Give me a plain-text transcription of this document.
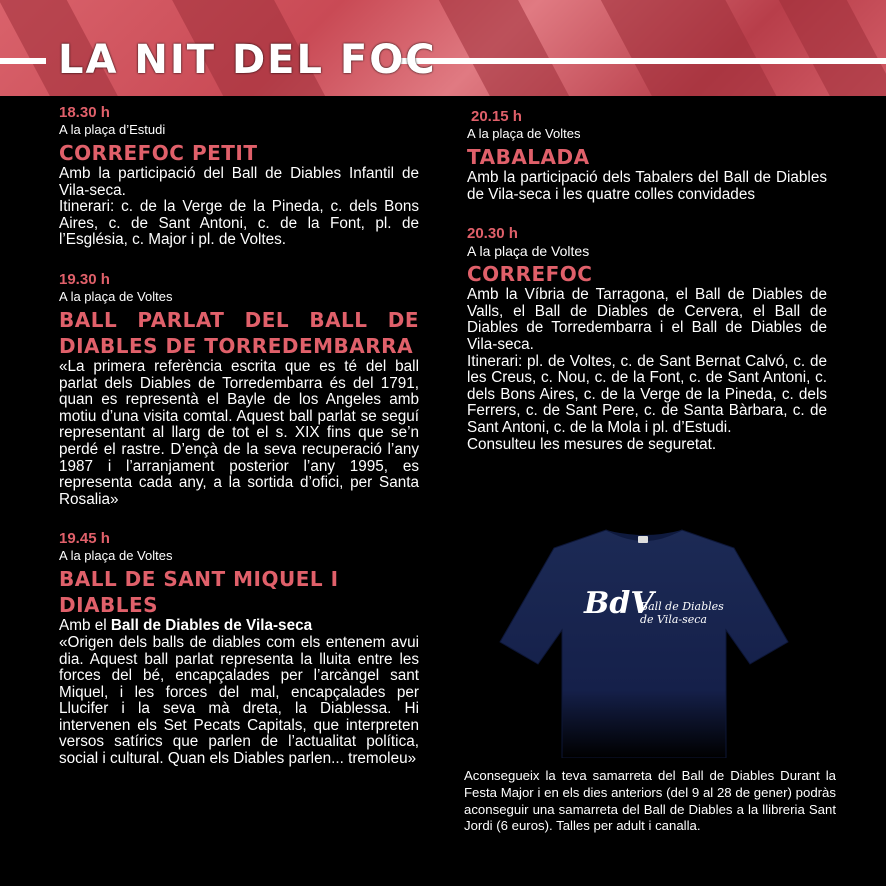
LA NIT DEL FOC

18.30 h

A la plaça d’Estudi

CORREFOC PETIT

Amb la participació del Ball de Diables Infantil de Vila-seca.

Itinerari: c. de la Verge de la Pineda, c. dels Bons Aires, c. de Sant Antoni, c. de la Font, pl. de l’Església, c. Major i pl. de Voltes.

19.30 h

A la plaça de Voltes

BALL PARLAT DEL BALL DE DIABLES DE TORREDEMBARRA

«La primera referència escrita que es té del ball parlat dels Diables de Torredembarra és del 1791, quan es representà el Bayle de los Angeles amb motiu d’una visita comtal. Aquest ball parlat se seguí representant al llarg de tot el s. XIX fins que se’n perdé el rastre. D’ençà de la seva recuperació l’any 1987 i l’arranjament posterior l’any 1995, es representa cada any, a la sortida d’ofici, per Santa Rosalia»

19.45 h

A la plaça de Voltes

BALL DE SANT MIQUEL I DIABLES

Amb el Ball de Diables de Vila-seca

«Origen dels balls de diables com els entenem avui dia. Aquest ball parlat representa la lluita entre les forces del bé, encapçalades per l’arcàngel sant Miquel, i les forces del mal, encapçalades per Llucifer i la seva mà dreta, la Diablessa. Hi intervenen els Set Pecats Capitals, que interpreten versos satírics que parlen de l’actualitat política, social i cultural. Quan els Diables parlen... tremoleu»

20.15 h

A la plaça de Voltes

TABALADA

Amb la participació dels Tabalers del Ball de Diables de Vila-seca i les quatre colles convidades

20.30 h

A la plaça de Voltes

CORREFOC

Amb la Víbria de Tarragona, el Ball de Diables de Valls, el Ball de Diables de Cervera, el Ball de Diables de Torredembarra i el Ball de Diables de Vila-seca.

Itinerari: pl. de Voltes, c. de Sant Bernat Calvó, c. de les Creus, c. Nou, c. de la Font, c. de Sant Antoni, c. dels Bons Aires, c. de la Verge de la Pineda, c. dels Ferrers, c. de Sant Pere, c. de Santa Bàrbara, c. de Sant Antoni, c. de la Mola i pl. d’Estudi.

Consulteu les mesures de seguretat.

BdV
Ball de Diables
de Vila-seca

Aconsegueix la teva samarreta del Ball de Diables Durant la Festa Major i en els dies anteriors (del 9 al 28 de gener) podràs aconseguir una samarreta del Ball de Diables a la llibreria Sant Jordi (6 euros). Talles per adult i canalla.
